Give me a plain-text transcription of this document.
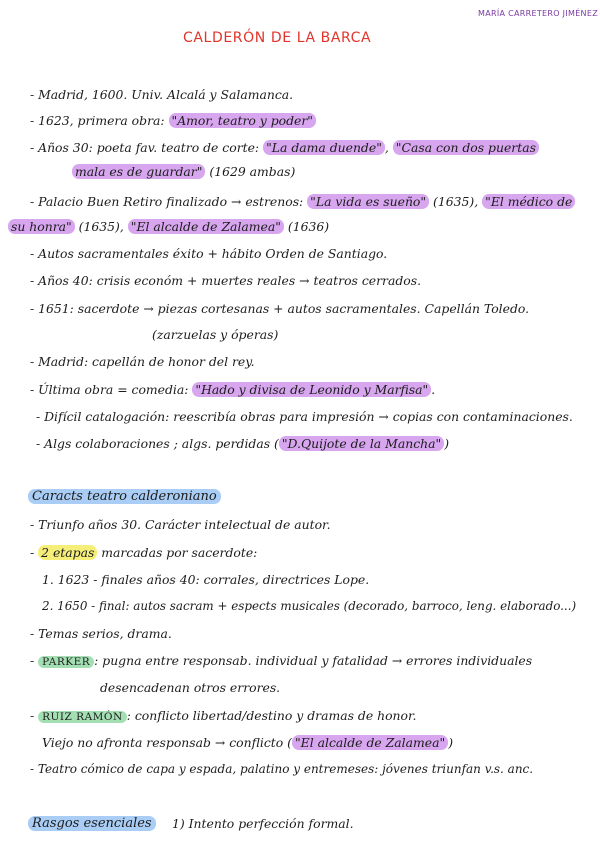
MARÍA CARRETERO JIMÉNEZ
CALDERÓN DE LA BARCA
- Madrid, 1600. Univ. Alcalá y Salamanca.
- 1623, primera obra: "Amor, teatro y poder"
- Años 30: poeta fav. teatro de corte: "La dama duende" , "Casa con dos puertas
mala es de guardar" (1629 ambas)
- Palacio Buen Retiro finalizado → estrenos: "La vida es sueño" (1635), "El médico de
su honra" (1635), "El alcalde de Zalamea" (1636)
- Autos sacramentales éxito + hábito Orden de Santiago.
- Años 40: crisis económ + muertes reales → teatros cerrados.
- 1651: sacerdote → piezas cortesanas + autos sacramentales. Capellán Toledo.
(zarzuelas y óperas)
- Madrid: capellán de honor del rey.
- Última obra = comedia: "Hado y divisa de Leonido y Marfisa" .
- Difícil catalogación: reescribía obras para impresión → copias con contaminaciones.
- Algs colaboraciones ; algs. perdidas ( "D.Quijote de la Mancha" )
Caracts teatro calderoniano
- Triunfo años 30. Carácter intelectual de autor.
- 2 etapas marcadas por sacerdote:
1. 1623 - finales años 40: corrales, directrices Lope.
2. 1650 - final: autos sacram + espects musicales (decorado, barroco, leng. elaborado...)
- Temas serios, drama.
- PARKER : pugna entre responsab. individual y fatalidad → errores individuales
desencadenan otros errores.
- RUIZ RAMÓN : conflicto libertad/destino y dramas de honor.
Viejo no afronta responsab → conflicto ( "El alcalde de Zalamea" )
- Teatro cómico de capa y espada, palatino y entremeses: jóvenes triunfan v.s. anc.
Rasgos esenciales	1) Intento perfección formal.
